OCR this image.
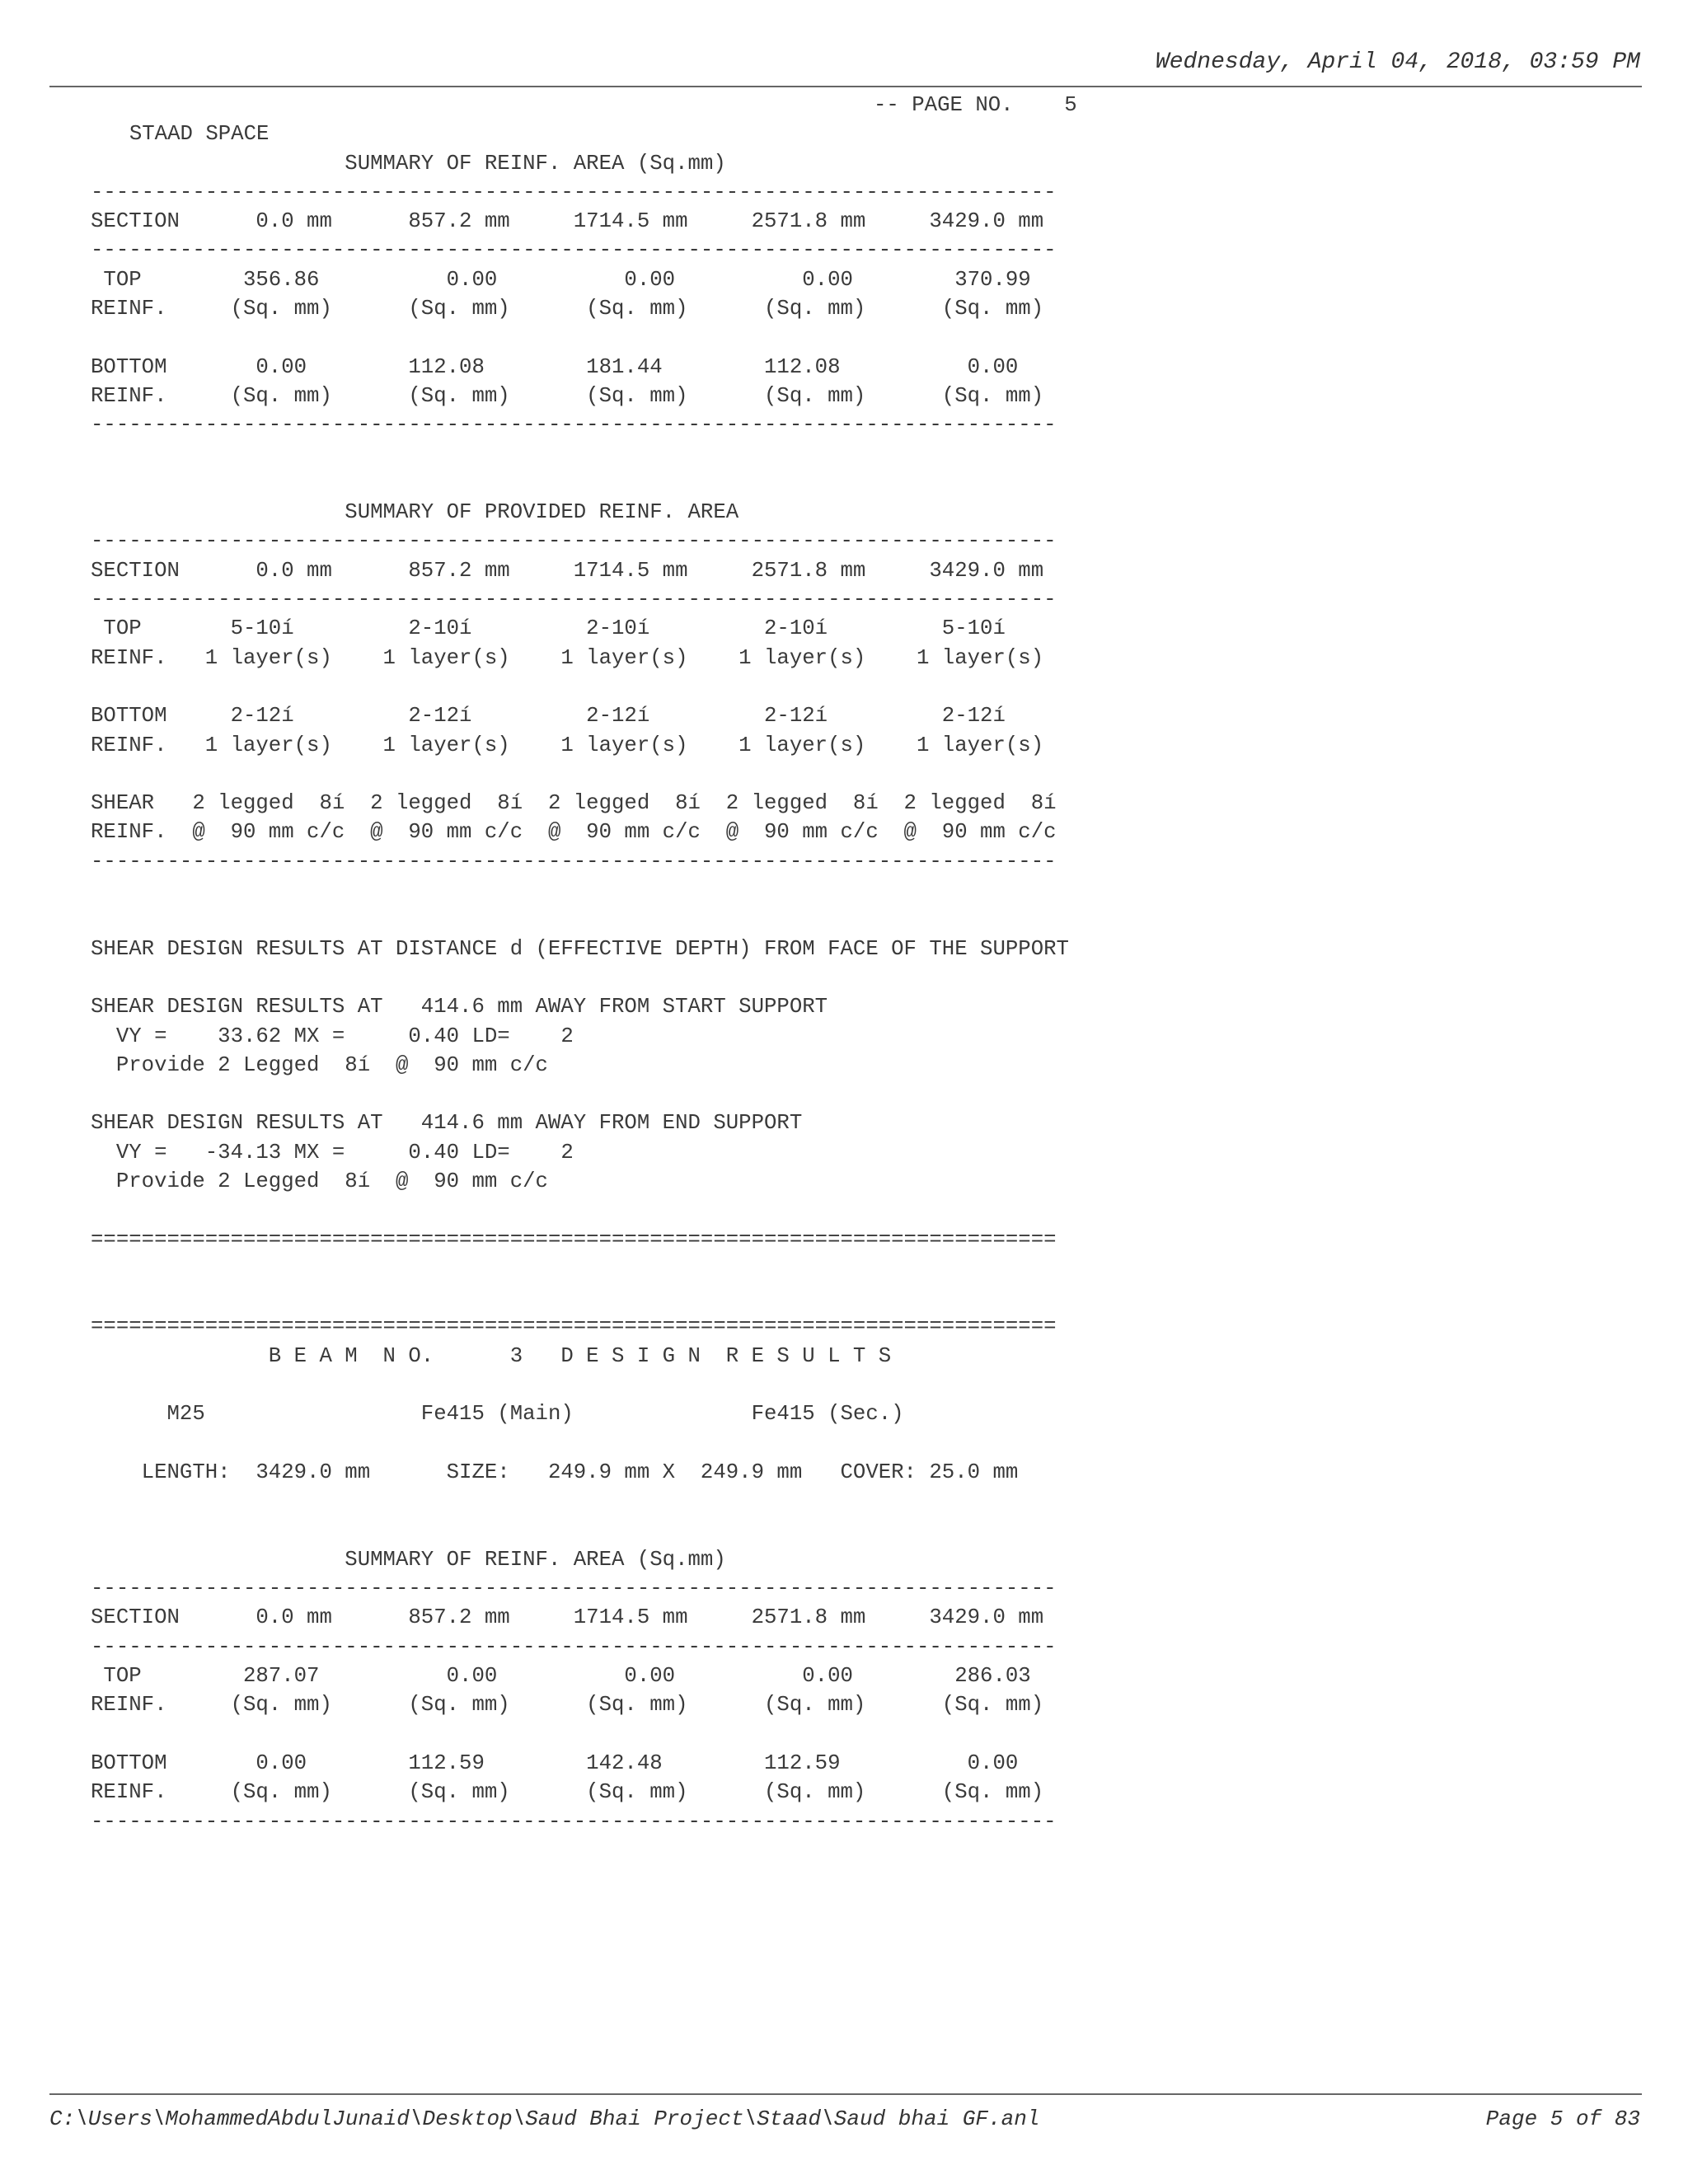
Wednesday, April 04, 2018, 03:59 PM

STAAD SPACE

-- PAGE NO.    5

SUMMARY OF REINF. AREA (Sq.mm)
----------------------------------------------------------------------------
SECTION      0.0 mm      857.2 mm     1714.5 mm     2571.8 mm     3429.0 mm
----------------------------------------------------------------------------
TOP        356.86          0.00          0.00          0.00        370.99
REINF.     (Sq. mm)      (Sq. mm)      (Sq. mm)      (Sq. mm)      (Sq. mm)

BOTTOM       0.00        112.08        181.44        112.08          0.00
REINF.     (Sq. mm)      (Sq. mm)      (Sq. mm)      (Sq. mm)      (Sq. mm)
----------------------------------------------------------------------------

SUMMARY OF PROVIDED REINF. AREA
----------------------------------------------------------------------------
SECTION      0.0 mm      857.2 mm     1714.5 mm     2571.8 mm     3429.0 mm
----------------------------------------------------------------------------
TOP       5-10í         2-10í         2-10í         2-10í         5-10í
REINF.   1 layer(s)    1 layer(s)    1 layer(s)    1 layer(s)    1 layer(s)

BOTTOM     2-12í         2-12í         2-12í         2-12í         2-12í
REINF.   1 layer(s)    1 layer(s)    1 layer(s)    1 layer(s)    1 layer(s)

SHEAR   2 legged  8í  2 legged  8í  2 legged  8í  2 legged  8í  2 legged  8í
REINF.  @  90 mm c/c  @  90 mm c/c  @  90 mm c/c  @  90 mm c/c  @  90 mm c/c
----------------------------------------------------------------------------

SHEAR DESIGN RESULTS AT DISTANCE d (EFFECTIVE DEPTH) FROM FACE OF THE SUPPORT

SHEAR DESIGN RESULTS AT   414.6 mm AWAY FROM START SUPPORT
VY =    33.62 MX =     0.40 LD=    2
Provide 2 Legged  8í  @  90 mm c/c

SHEAR DESIGN RESULTS AT   414.6 mm AWAY FROM END SUPPORT
VY =   -34.13 MX =     0.40 LD=    2
Provide 2 Legged  8í  @  90 mm c/c

============================================================================

============================================================================
B E A M  N O.      3   D E S I G N  R E S U L T S

M25                 Fe415 (Main)              Fe415 (Sec.)

LENGTH:  3429.0 mm      SIZE:   249.9 mm X  249.9 mm   COVER: 25.0 mm

SUMMARY OF REINF. AREA (Sq.mm)
----------------------------------------------------------------------------
SECTION      0.0 mm      857.2 mm     1714.5 mm     2571.8 mm     3429.0 mm
----------------------------------------------------------------------------
TOP        287.07          0.00          0.00          0.00        286.03
REINF.     (Sq. mm)      (Sq. mm)      (Sq. mm)      (Sq. mm)      (Sq. mm)

BOTTOM       0.00        112.59        142.48        112.59          0.00
REINF.     (Sq. mm)      (Sq. mm)      (Sq. mm)      (Sq. mm)      (Sq. mm)
----------------------------------------------------------------------------
C:\Users\MohammedAbdulJunaid\Desktop\Saud Bhai Project\Staad\Saud bhai GF.anl	Page 5 of 83
